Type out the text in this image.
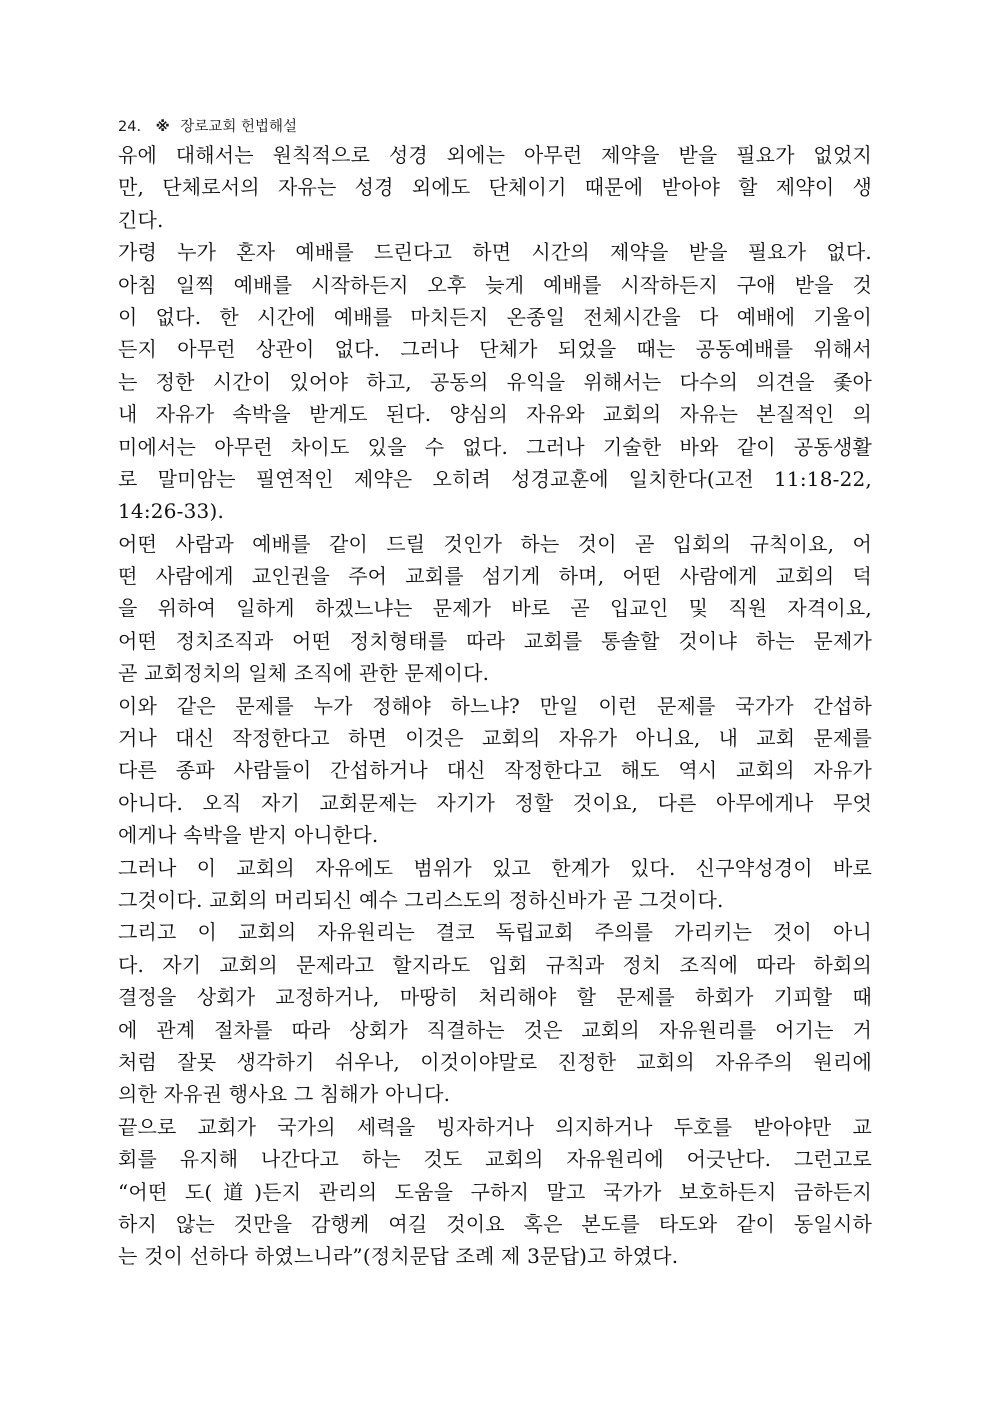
24. ※ 장로교회 헌법해설
유에 대해서는 원칙적으로 성경 외에는 아무런 제약을 받을 필요가 없었지
만, 단체로서의 자유는 성경 외에도 단체이기 때문에 받아야 할 제약이 생
긴다.
가령 누가 혼자 예배를 드린다고 하면 시간의 제약을 받을 필요가 없다.
아침 일찍 예배를 시작하든지 오후 늦게 예배를 시작하든지 구애 받을 것
이 없다. 한 시간에 예배를 마치든지 온종일 전체시간을 다 예배에 기울이
든지 아무런 상관이 없다. 그러나 단체가 되었을 때는 공동예배를 위해서
는 정한 시간이 있어야 하고, 공동의 유익을 위해서는 다수의 의견을 좇아
내 자유가 속박을 받게도 된다. 양심의 자유와 교회의 자유는 본질적인 의
미에서는 아무런 차이도 있을 수 없다. 그러나 기술한 바와 같이 공동생활
로 말미암는 필연적인 제약은 오히려 성경교훈에 일치한다(고전 11:18-22,
14:26-33).
어떤 사람과 예배를 같이 드릴 것인가 하는 것이 곧 입회의 규칙이요, 어
떤 사람에게 교인권을 주어 교회를 섬기게 하며, 어떤 사람에게 교회의 덕
을 위하여 일하게 하겠느냐는 문제가 바로 곧 입교인 및 직원 자격이요,
어떤 정치조직과 어떤 정치형태를 따라 교회를 통솔할 것이냐 하는 문제가
곧 교회정치의 일체 조직에 관한 문제이다.
이와 같은 문제를 누가 정해야 하느냐? 만일 이런 문제를 국가가 간섭하
거나 대신 작정한다고 하면 이것은 교회의 자유가 아니요, 내 교회 문제를
다른 종파 사람들이 간섭하거나 대신 작정한다고 해도 역시 교회의 자유가
아니다. 오직 자기 교회문제는 자기가 정할 것이요, 다른 아무에게나 무엇
에게나 속박을 받지 아니한다.
그러나 이 교회의 자유에도 범위가 있고 한계가 있다. 신구약성경이 바로
그것이다. 교회의 머리되신 예수 그리스도의 정하신바가 곧 그것이다.
그리고 이 교회의 자유원리는 결코 독립교회 주의를 가리키는 것이 아니
다. 자기 교회의 문제라고 할지라도 입회 규칙과 정치 조직에 따라 하회의
결정을 상회가 교정하거나, 마땅히 처리해야 할 문제를 하회가 기피할 때
에 관계 절차를 따라 상회가 직결하는 것은 교회의 자유원리를 어기는 거
처럼 잘못 생각하기 쉬우나, 이것이야말로 진정한 교회의 자유주의 원리에
의한 자유권 행사요 그 침해가 아니다.
끝으로 교회가 국가의 세력을 빙자하거나 의지하거나 두호를 받아야만 교
회를 유지해 나간다고 하는 것도 교회의 자유원리에 어긋난다. 그런고로
“어떤 도(道)든지 관리의 도움을 구하지 말고 국가가 보호하든지 금하든지
하지 않는 것만을 감행케 여길 것이요 혹은 본도를 타도와 같이 동일시하
는 것이 선하다 하였느니라”(정치문답 조례 제 3문답)고 하였다.
